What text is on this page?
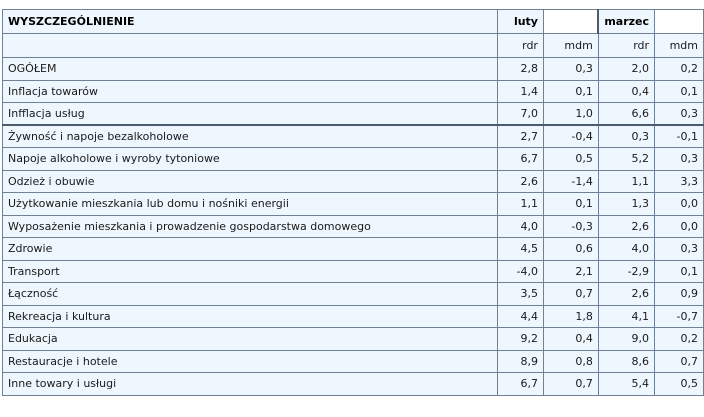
WYSZCZEGÓLNIENIE	luty		marzec	
	rdr	mdm	rdr	mdm
OGÓŁEM	2,8	0,3	2,0	0,2
Inflacja towarów	1,4	0,1	0,4	0,1
Infflacja usług	7,0	1,0	6,6	0,3
Żywność i napoje bezalkoholowe	2,7	-0,4	0,3	-0,1
Napoje alkoholowe i wyroby tytoniowe	6,7	0,5	5,2	0,3
Odzież i obuwie	2,6	-1,4	1,1	3,3
Użytkowanie mieszkania lub domu i nośniki energii	1,1	0,1	1,3	0,0
Wyposażenie mieszkania i prowadzenie gospodarstwa domowego	4,0	-0,3	2,6	0,0
Zdrowie	4,5	0,6	4,0	0,3
Transport	-4,0	2,1	-2,9	0,1
Łączność	3,5	0,7	2,6	0,9
Rekreacja i kultura	4,4	1,8	4,1	-0,7
Edukacja	9,2	0,4	9,0	0,2
Restauracje i hotele	8,9	0,8	8,6	0,7
Inne towary i usługi	6,7	0,7	5,4	0,5
